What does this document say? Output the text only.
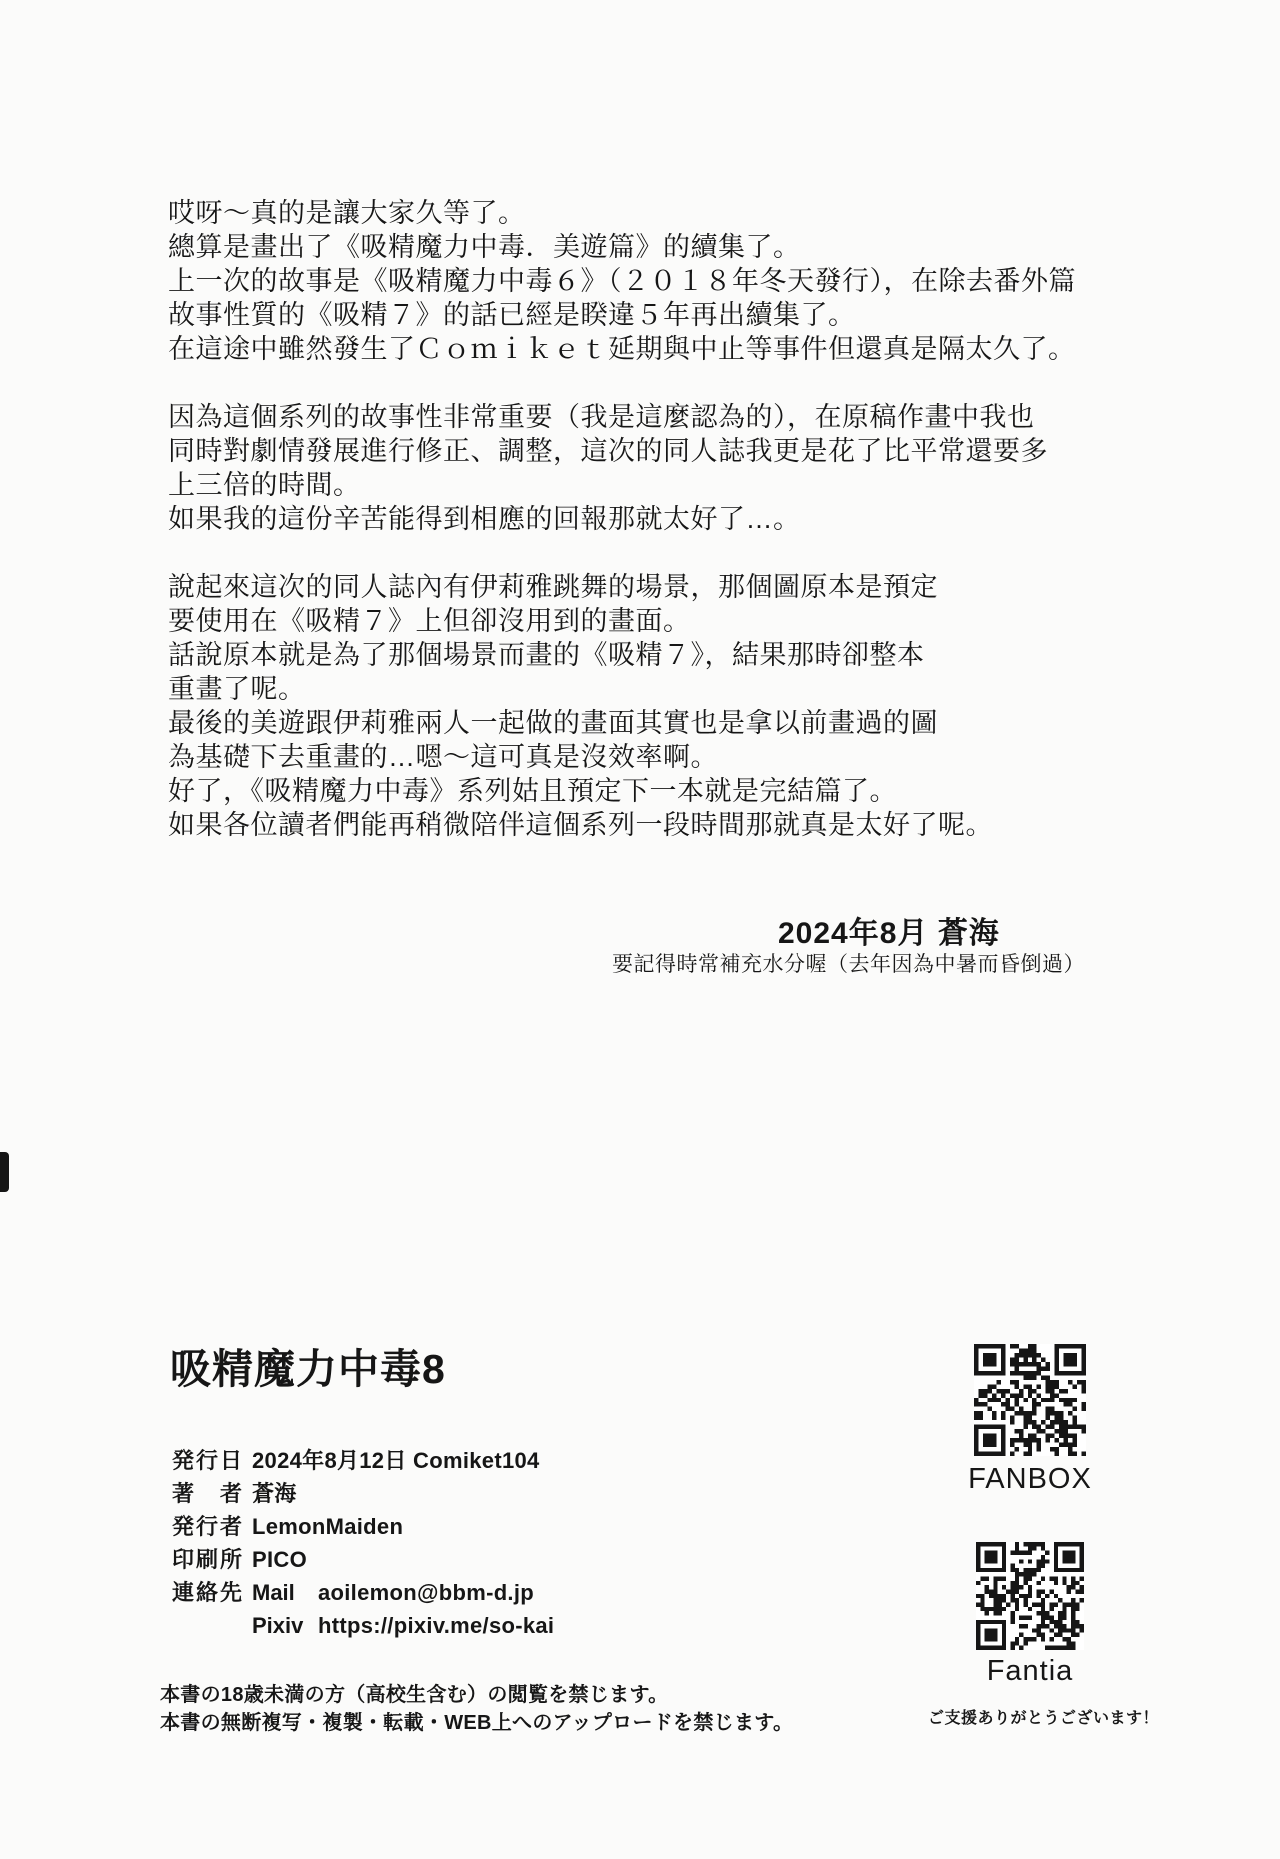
哎呀～真的是讓大家久等了。
總算是畫出了《吸精魔力中毒．美遊篇》的續集了。
上一次的故事是《吸精魔力中毒６》（２０１８年冬天發行），在除去番外篇
故事性質的《吸精７》的話已經是睽違５年再出續集了。
在這途中雖然發生了Ｃｏｍｉｋｅｔ延期與中止等事件但還真是隔太久了。
因為這個系列的故事性非常重要（我是這麼認為的），在原稿作畫中我也
同時對劇情發展進行修正、調整，這次的同人誌我更是花了比平常還要多
上三倍的時間。
如果我的這份辛苦能得到相應的回報那就太好了…。
說起來這次的同人誌內有伊莉雅跳舞的場景，那個圖原本是預定
要使用在《吸精７》上但卻沒用到的畫面。
話說原本就是為了那個場景而畫的《吸精７》，結果那時卻整本
重畫了呢。
最後的美遊跟伊莉雅兩人一起做的畫面其實也是拿以前畫過的圖
為基礎下去重畫的…嗯～這可真是沒效率啊。
好了，《吸精魔力中毒》系列姑且預定下一本就是完結篇了。
如果各位讀者們能再稍微陪伴這個系列一段時間那就真是太好了呢。
2024年8月 蒼海
要記得時常補充水分喔（去年因為中暑而昏倒過）
吸精魔力中毒8
発行日 2024年8月12日 Comiket104
著　者 蒼海
発行者 LemonMaiden
印刷所 PICO
連絡先 Mail	aoilemon@bbm-d.jp
Pixiv https://pixiv.me/so-kai
本書の18歳未満の方（高校生含む）の閲覧を禁じます。
本書の無断複写・複製・転載・WEB上へのアップロードを禁じます。
FANBOX
Fantia
ご支援ありがとうございます！
